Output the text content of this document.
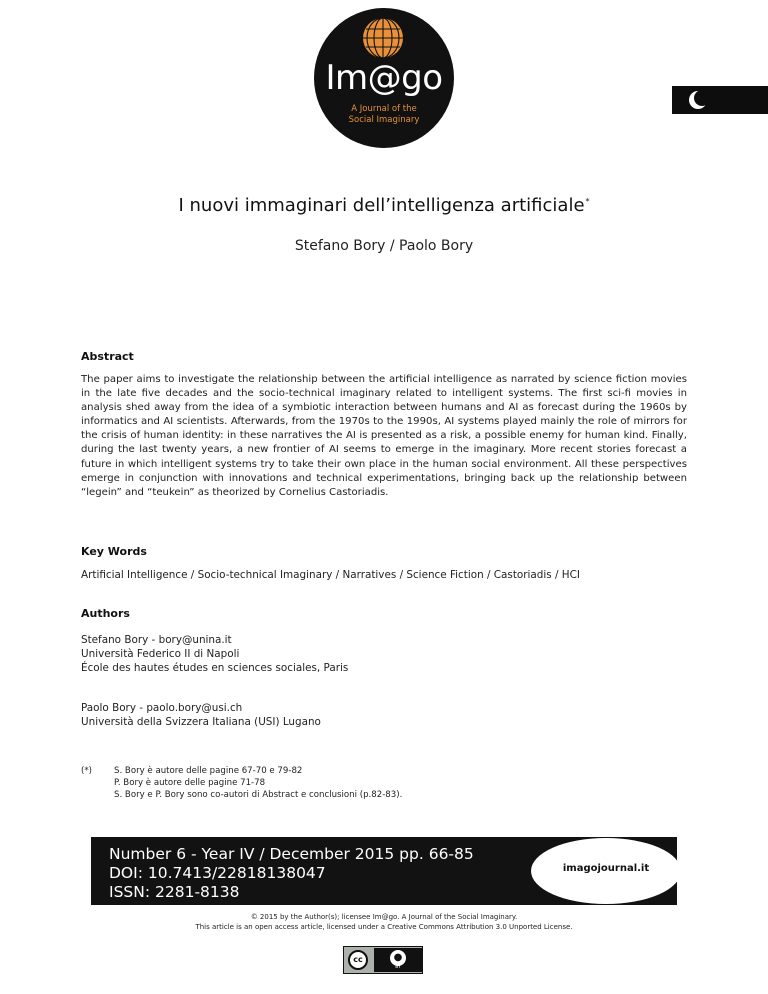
Im@go
A Journal of the
Social Imaginary
I nuovi immaginari dell’intelligenza artificiale*
Stefano Bory / Paolo Bory
Abstract

The paper aims to investigate the relationship between the artificial intelligence as narrated by science fiction movies in the late five decades and the socio-technical imaginary related to intelligent systems. The first sci-fi movies in analysis shed away from the idea of a symbiotic interaction between humans and AI as forecast during the 1960s by informatics and AI scientists. Afterwards, from the 1970s to the 1990s, AI systems played mainly the role of mirrors for the crisis of human identity: in these narratives the AI is presented as a risk, a possible enemy for human kind. Finally, during the last twenty years, a new frontier of AI seems to emerge in the imaginary. More recent stories forecast a future in which intelligent systems try to take their own place in the human social environment. All these perspectives emerge in conjunction with innovations and technical experimentations, bringing back up the relationship between “legein” and “teukein” as theorized by Cornelius Castoriadis.

Key Words

Artificial Intelligence / Socio-technical Imaginary / Narratives / Science Fiction / Castoriadis / HCI

Authors

Stefano Bory - bory@unina.it

Università Federico II di Napoli

École des hautes études en sciences sociales, Paris

Paolo Bory - paolo.bory@usi.ch

Università della Svizzera Italiana (USI) Lugano

(*)	S. Bory è autore delle pagine 67-70 e 79-82

P. Bory è autore delle pagine 71-78

S. Bory e P. Bory sono co-autori di Abstract e conclusioni (p.82-83).

Number 6 - Year IV / December 2015 pp. 66-85

DOI: 10.7413/22818138047

ISSN: 2281-8138

imagojournal.it

© 2015 by the Author(s); licensee Im@go. A Journal of the Social Imaginary.

This article is an open access article, licensed under a Creative Commons Attribution 3.0 Unported License.

cc	●
BY
